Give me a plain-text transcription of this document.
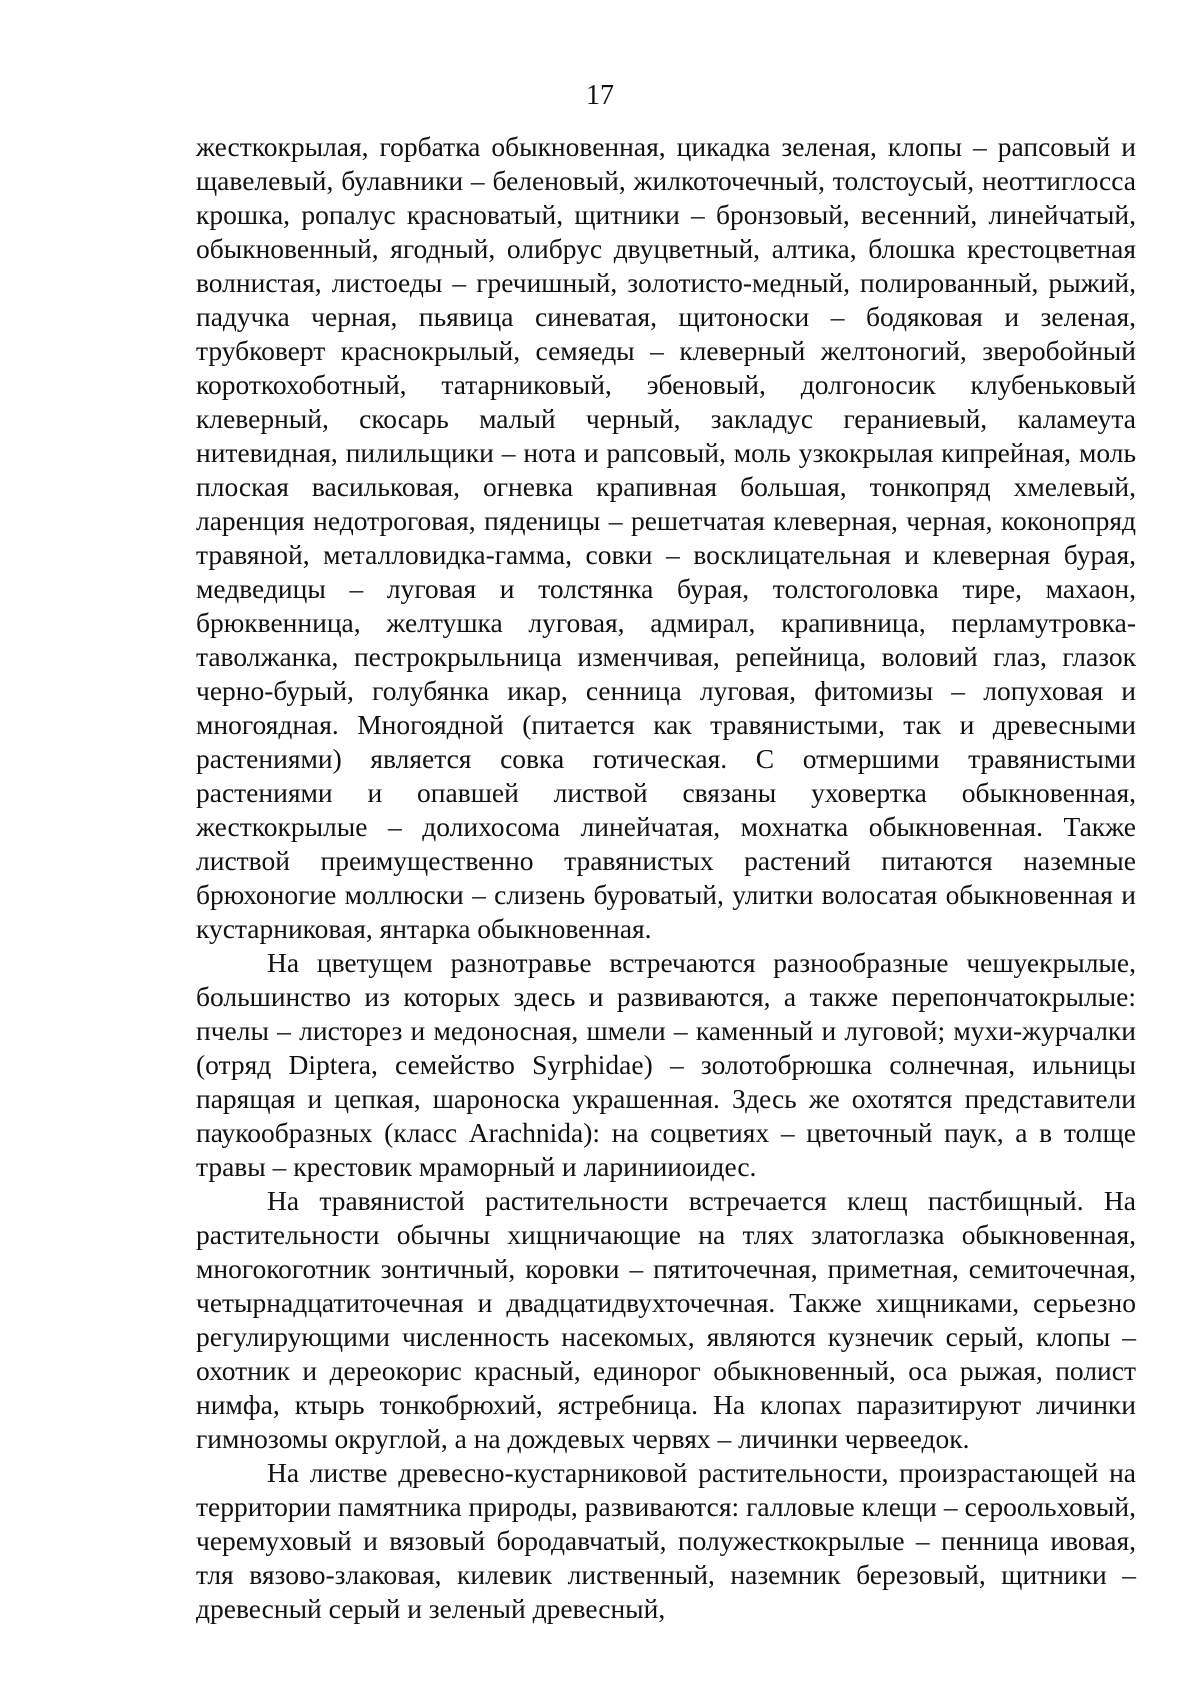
17

жесткокрылая, горбатка обыкновенная, цикадка зеленая, клопы – рапсовый и щавелевый, булавники – беленовый, жилкоточечный, толстоусый, неоттиглосса крошка, ропалус красноватый, щитники – бронзовый, весенний, линейчатый, обыкновенный, ягодный, олибрус двуцветный, алтика, блошка крестоцветная волнистая, листоеды – гречишный, золотисто-медный, полированный, рыжий, падучка черная, пьявица синеватая, щитоноски – бодяковая и зеленая, трубковерт краснокрылый, семяеды – клеверный желтоногий, зверобойный короткохоботный, татарниковый, эбеновый, долгоносик клубеньковый клеверный, скосарь малый черный, закладус гераниевый, каламеута нитевидная, пилильщики – нота и рапсовый, моль узкокрылая кипрейная, моль плоская васильковая, огневка крапивная большая, тонкопряд хмелевый, ларенция недотроговая, пяденицы – решетчатая клеверная, черная, коконопряд травяной, металловидка-гамма, совки – восклицательная и клеверная бурая, медведицы – луговая и толстянка бурая, толстоголовка тире, махаон, брюквенница, желтушка луговая, адмирал, крапивница, перламутровка-таволжанка, пестрокрыльница изменчивая, репейница, воловий глаз, глазок черно-бурый, голубянка икар, сенница луговая, фитомизы – лопуховая и многоядная. Многоядной (питается как травянистыми, так и древесными растениями) является совка готическая. С отмершими травянистыми растениями и опавшей листвой связаны уховертка обыкновенная, жесткокрылые – долихосома линейчатая, мохнатка обыкновенная. Также листвой преимущественно травянистых растений питаются наземные брюхоногие моллюски – слизень буроватый, улитки волосатая обыкновенная и кустарниковая, янтарка обыкновенная.

На цветущем разнотравье встречаются разнообразные чешуекрылые, большинство из которых здесь и развиваются, а также перепончатокрылые: пчелы – листорез и медоносная, шмели – каменный и луговой; мухи-журчалки (отряд Diptera, семейство Syrphidae) – золотобрюшка солнечная, ильницы парящая и цепкая, шароноска украшенная. Здесь же охотятся представители паукообразных (класс Arachnida): на соцветиях – цветочный паук, а в толще травы – крестовик мраморный и ларинииоидес.

На травянистой растительности встречается клещ пастбищный. На растительности обычны хищничающие на тлях златоглазка обыкновенная, многокоготник зонтичный, коровки – пятиточечная, приметная, семиточечная, четырнадцатиточечная и двадцатидвухточечная. Также хищниками, серьезно регулирующими численность насекомых, являются кузнечик серый, клопы – охотник и дереокорис красный, единорог обыкновенный, оса рыжая, полист нимфа, ктырь тонкобрюхий, ястребница. На клопах паразитируют личинки гимнозомы округлой, а на дождевых червях – личинки червеедок.

На листве древесно-кустарниковой растительности, произрастающей на территории памятника природы, развиваются: галловые клещи – сероольховый, черемуховый и вязовый бородавчатый, полужесткокрылые – пенница ивовая, тля вязово-злаковая, килевик лиственный, наземник березовый, щитники – древесный серый и зеленый древесный,
